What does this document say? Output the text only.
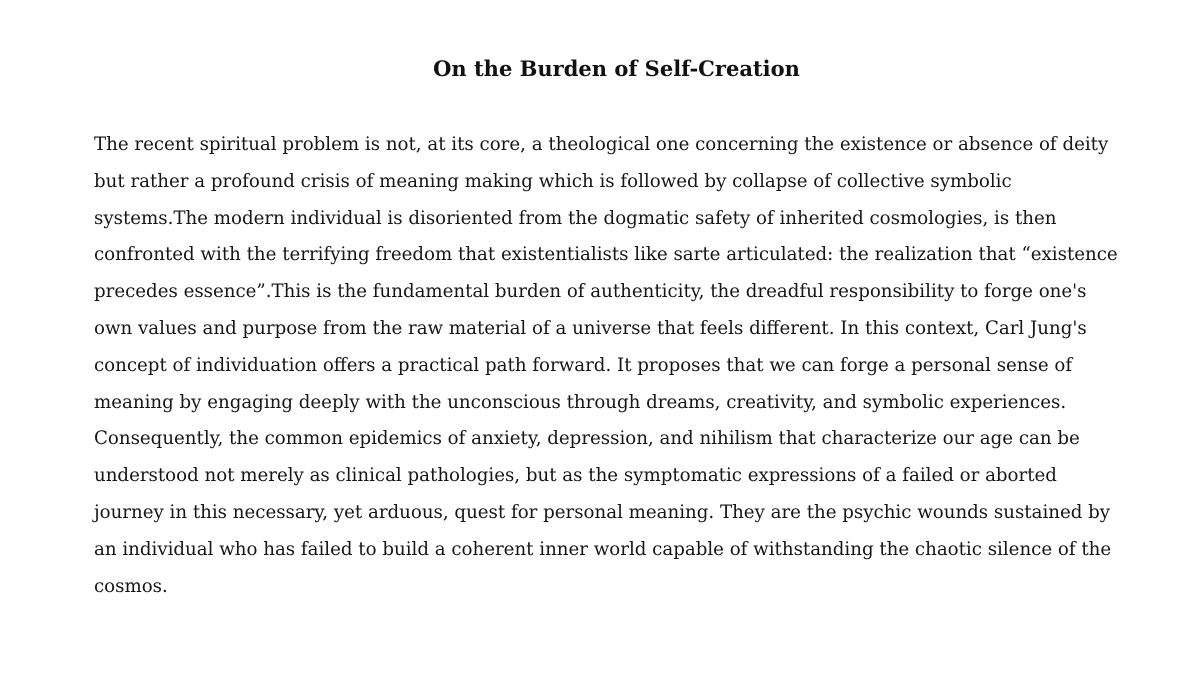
On the Burden of Self-Creation
The recent spiritual problem is not, at its core, a theological one concerning the existence or absence of deity
but rather a profound crisis of meaning making which is followed by collapse of collective symbolic
systems.The modern individual is disoriented from the dogmatic safety of inherited cosmologies, is then
confronted with the terrifying freedom that existentialists like sarte articulated: the realization that “existence
precedes essence”.This is the fundamental burden of authenticity, the dreadful responsibility to forge one's
own values and purpose from the raw material of a universe that feels different. In this context, Carl Jung's
concept of individuation offers a practical path forward. It proposes that we can forge a personal sense of
meaning by engaging deeply with the unconscious through dreams, creativity, and symbolic experiences.
Consequently, the common epidemics of anxiety, depression, and nihilism that characterize our age can be
understood not merely as clinical pathologies, but as the symptomatic expressions of a failed or aborted
journey in this necessary, yet arduous, quest for personal meaning. They are the psychic wounds sustained by
an individual who has failed to build a coherent inner world capable of withstanding the chaotic silence of the
cosmos.
